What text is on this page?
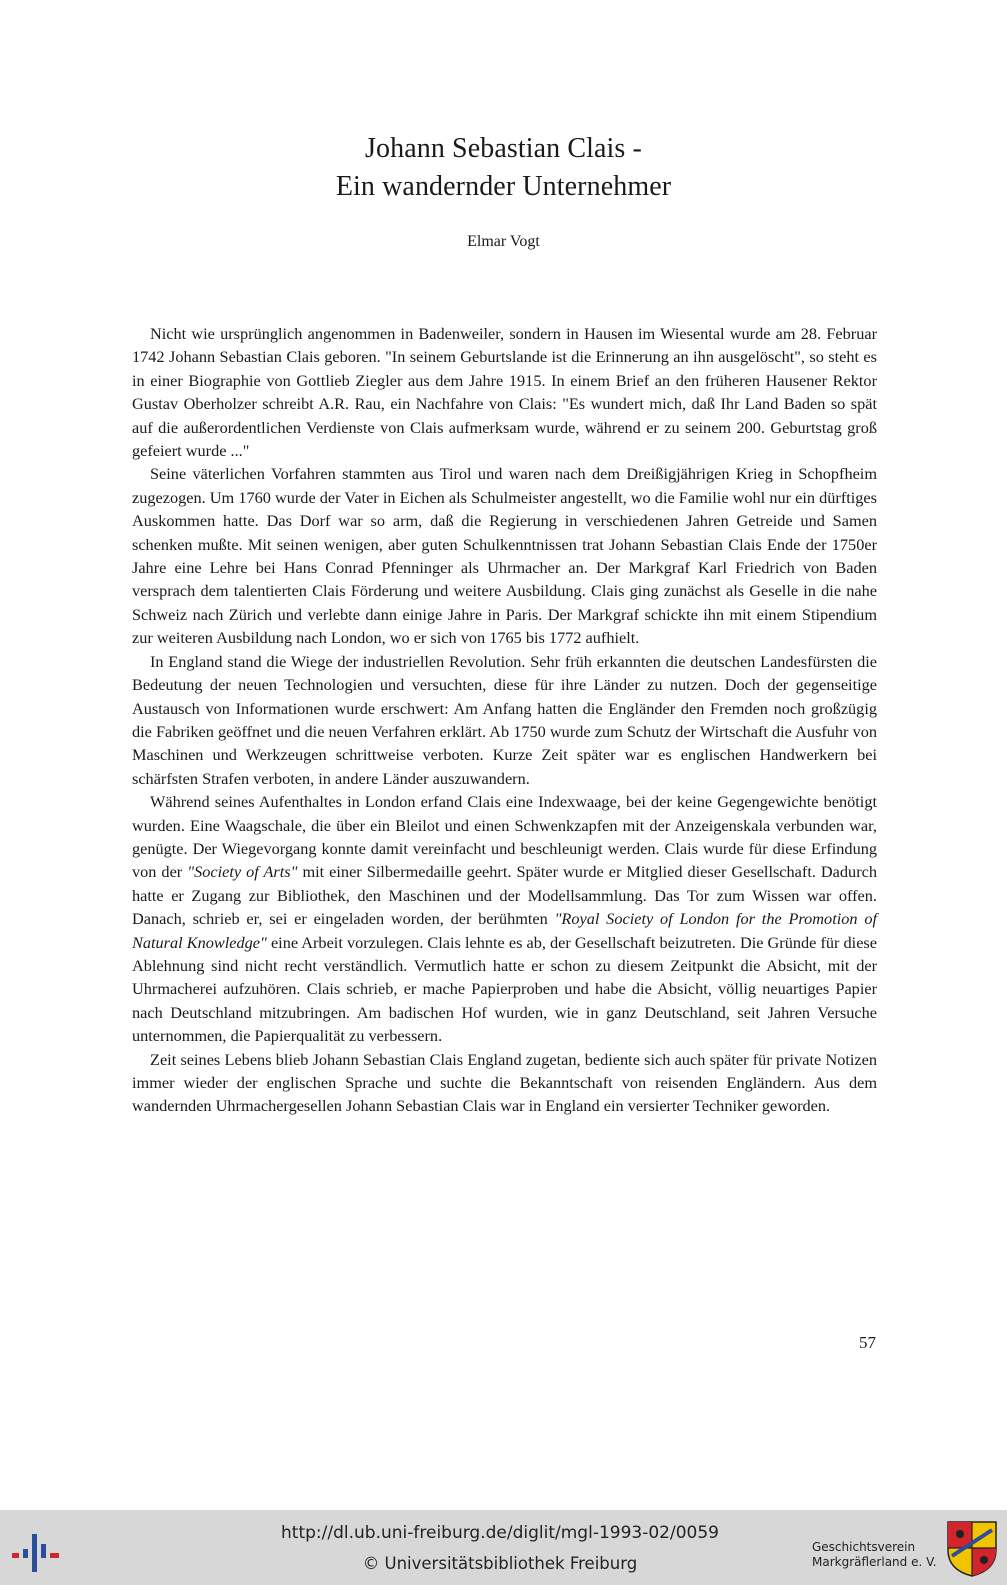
Johann Sebastian Clais -
Ein wandernder Unternehmer
Elmar Vogt

Nicht wie ursprünglich angenommen in Badenweiler, sondern in Hausen im Wiesental wurde am 28. Februar 1742 Johann Sebastian Clais geboren. "In seinem Geburtslande ist die Erinnerung an ihn ausgelöscht", so steht es in einer Biographie von Gottlieb Ziegler aus dem Jahre 1915. In einem Brief an den früheren Hausener Rektor Gustav Oberholzer schreibt A.R. Rau, ein Nachfahre von Clais: "Es wundert mich, daß Ihr Land Baden so spät auf die außerordentlichen Verdienste von Clais aufmerksam wurde, während er zu seinem 200. Geburtstag groß gefeiert wurde ..."

Seine väterlichen Vorfahren stammten aus Tirol und waren nach dem Dreißigjährigen Krieg in Schopfheim zugezogen. Um 1760 wurde der Vater in Eichen als Schulmeister angestellt, wo die Familie wohl nur ein dürftiges Auskommen hatte. Das Dorf war so arm, daß die Regierung in verschiedenen Jahren Getreide und Samen schenken mußte. Mit seinen wenigen, aber guten Schulkenntnissen trat Johann Sebastian Clais Ende der 1750er Jahre eine Lehre bei Hans Conrad Pfenninger als Uhrmacher an. Der Markgraf Karl Friedrich von Baden versprach dem talentierten Clais Förderung und weitere Ausbildung. Clais ging zunächst als Geselle in die nahe Schweiz nach Zürich und verlebte dann einige Jahre in Paris. Der Markgraf schickte ihn mit einem Stipendium zur weiteren Ausbildung nach London, wo er sich von 1765 bis 1772 aufhielt.

In England stand die Wiege der industriellen Revolution. Sehr früh erkannten die deutschen Landesfürsten die Bedeutung der neuen Technologien und versuchten, diese für ihre Länder zu nutzen. Doch der gegenseitige Austausch von Informationen wurde erschwert: Am Anfang hatten die Engländer den Fremden noch großzügig die Fabriken geöffnet und die neuen Verfahren erklärt. Ab 1750 wurde zum Schutz der Wirtschaft die Ausfuhr von Maschinen und Werkzeugen schrittweise verboten. Kurze Zeit später war es englischen Handwerkern bei schärfsten Strafen verboten, in andere Länder auszuwandern.

Während seines Aufenthaltes in London erfand Clais eine Indexwaage, bei der keine Gegengewichte benötigt wurden. Eine Waagschale, die über ein Bleilot und einen Schwenkzapfen mit der Anzeigenskala verbunden war, genügte. Der Wiegevorgang konnte damit vereinfacht und beschleunigt werden. Clais wurde für diese Erfindung von der "Society of Arts" mit einer Silbermedaille geehrt. Später wurde er Mitglied dieser Gesellschaft. Dadurch hatte er Zugang zur Bibliothek, den Maschinen und der Modellsammlung. Das Tor zum Wissen war offen. Danach, schrieb er, sei er eingeladen worden, der berühmten "Royal Society of London for the Promotion of Natural Knowledge" eine Arbeit vorzulegen. Clais lehnte es ab, der Gesellschaft beizutreten. Die Gründe für diese Ablehnung sind nicht recht verständlich. Vermutlich hatte er schon zu diesem Zeitpunkt die Absicht, mit der Uhrmacherei aufzuhören. Clais schrieb, er mache Papierproben und habe die Absicht, völlig neuartiges Papier nach Deutschland mitzubringen. Am badischen Hof wurden, wie in ganz Deutschland, seit Jahren Versuche unternommen, die Papierqualität zu verbessern.

Zeit seines Lebens blieb Johann Sebastian Clais England zugetan, bediente sich auch später für private Notizen immer wieder der englischen Sprache und suchte die Bekanntschaft von reisenden Engländern. Aus dem wandernden Uhrmachergesellen Johann Sebastian Clais war in England ein versierter Techniker geworden.

57
http://dl.ub.uni-freiburg.de/diglit/mgl-1993-02/0059
© Universitätsbibliothek Freiburg
Geschichtsverein
Markgräflerland e. V.
